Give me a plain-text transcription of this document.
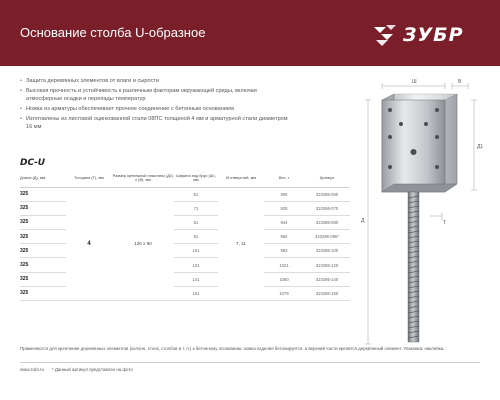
Основание столба U-образное	ЗУБР
• Защита деревянных элементов от влаги и сырости
• Высокая прочность и устойчивость к различным факторам окружающей среды, включая атмосферные осадки и перепады температур
• Ножка из арматуры обеспечивает прочное соединение с бетонным основанием
• Изготовлены из листовой оцинкованной стали 08ПС толщиной 4 мм и арматурной стали диаметром 16 мм
DC-U
Длина (Д), мм	Толщина (Т), мм	Размер крепежной пластины (Д1) х (В), мм	Ширина под брус (Ш), мм	Ø отверстий, мм	Вес, г	Артикул
325	4	120 х 60	61	7, 11	906	310286-060
325			71		925	310286-070
325			81		944	310286-080
325			91		964	310286-090*
325			101		983	310286-100
325			121		1021	310286-120
325			141		1060	310286-140
325			151		1079	310286-150
Ш	В
Д1
Д	Т
Применяются для крепления деревянных элементов (колонн, стоек, столбов и т. п.) к бетонному основанию: ножка изделия бетонируется, а верхний части крепится деревянный элемент. Упаковка: наклейка.
www.zubr.ru * Данный артикул представлен на фото
